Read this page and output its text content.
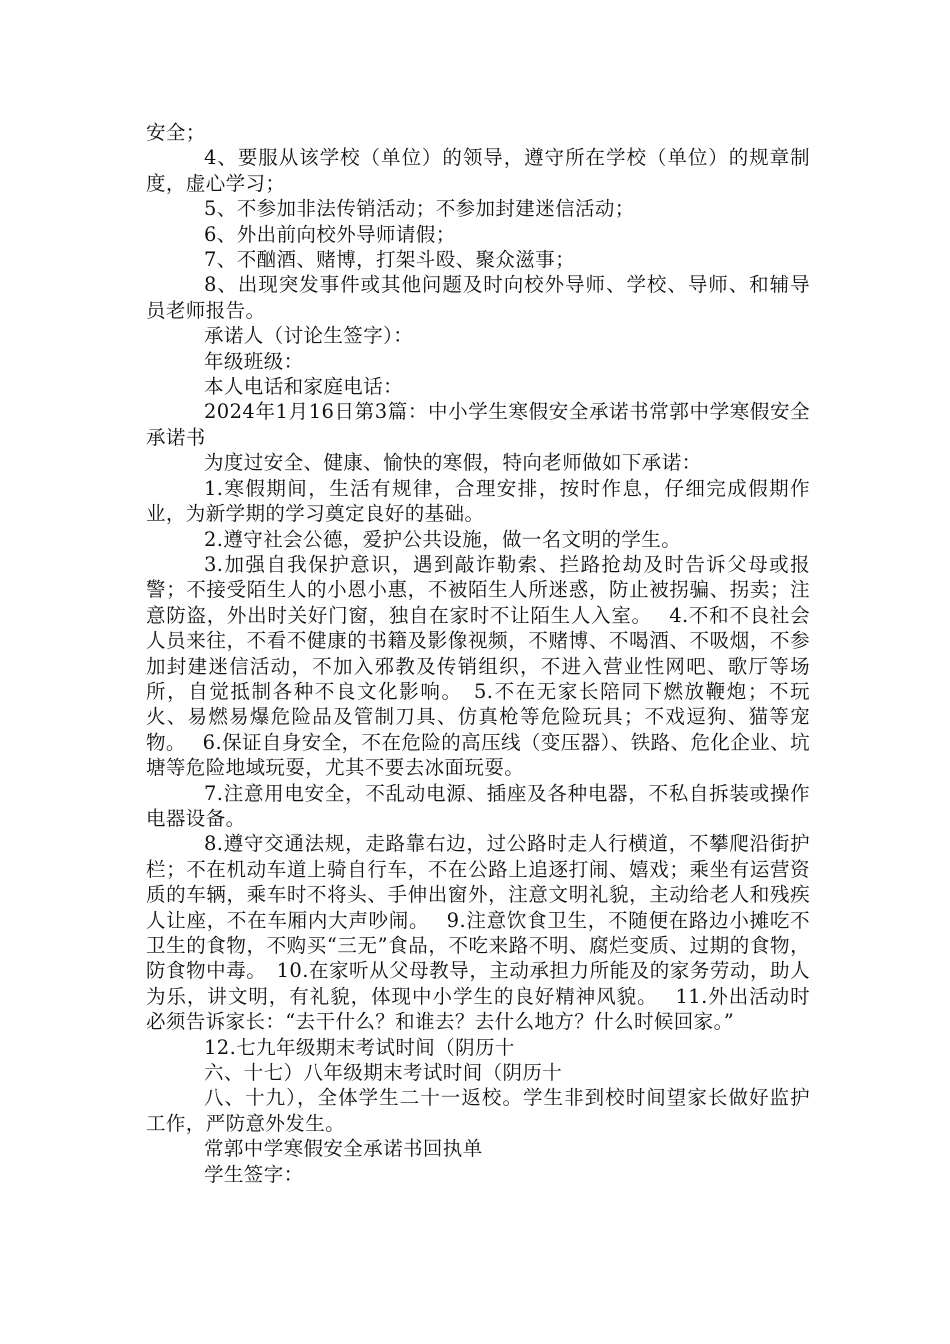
安全；

4、要服从该学校（单位）的领导，遵守所在学校（单位）的规章制度，虚心学习；

5、不参加非法传销活动；不参加封建迷信活动；

6、外出前向校外导师请假；

7、不酗酒、赌博，打架斗殴、聚众滋事；

8、出现突发事件或其他问题及时向校外导师、学校、导师、和辅导员老师报告。

承诺人（讨论生签字）：

年级班级：

本人电话和家庭电话：

2024年1月16日第3篇：中小学生寒假安全承诺书常郭中学寒假安全承诺书

为度过安全、健康、愉快的寒假，特向老师做如下承诺：

1.寒假期间，生活有规律，合理安排，按时作息，仔细完成假期作业，为新学期的学习奠定良好的基础。

2.遵守社会公德，爱护公共设施，做一名文明的学生。

3.加强自我保护意识，遇到敲诈勒索、拦路抢劫及时告诉父母或报警；不接受陌生人的小恩小惠，不被陌生人所迷惑，防止被拐骗、拐卖；注意防盗，外出时关好门窗，独自在家时不让陌生人入室。　 4.不和不良社会人员来往，不看不健康的书籍及影像视频，不赌博、不喝酒、不吸烟，不参加封建迷信活动，不加入邪教及传销组织，不进入营业性网吧、歌厅等场所，自觉抵制各种不良文化影响。　5.不在无家长陪同下燃放鞭炮；不玩火、易燃易爆危险品及管制刀具、仿真枪等危险玩具；不戏逗狗、猫等宠物。　 6.保证自身安全，不在危险的高压线（变压器）、铁路、危化企业、坑塘等危险地域玩耍，尤其不要去冰面玩耍。

7.注意用电安全，不乱动电源、插座及各种电器，不私自拆装或操作电器设备。

8.遵守交通法规，走路靠右边，过公路时走人行横道，不攀爬沿街护栏；不在机动车道上骑自行车，不在公路上追逐打闹、嬉戏；乘坐有运营资质的车辆，乘车时不将头、手伸出窗外，注意文明礼貌，主动给老人和残疾人让座，不在车厢内大声吵闹。　 9.注意饮食卫生，不随便在路边小摊吃不卫生的食物，不购买“三无”食品，不吃来路不明、腐烂变质、过期的食物，防食物中毒。　10.在家听从父母教导，主动承担力所能及的家务劳动，助人为乐，讲文明，有礼貌，体现中小学生的良好精神风貌。　 11.外出活动时必须告诉家长：“去干什么？和谁去？去什么地方？什么时候回家。”

12.七九年级期末考试时间（阴历十

六、十七）八年级期末考试时间（阴历十

八、十九），全体学生二十一返校。学生非到校时间望家长做好监护工作，严防意外发生。

常郭中学寒假安全承诺书回执单

学生签字：
